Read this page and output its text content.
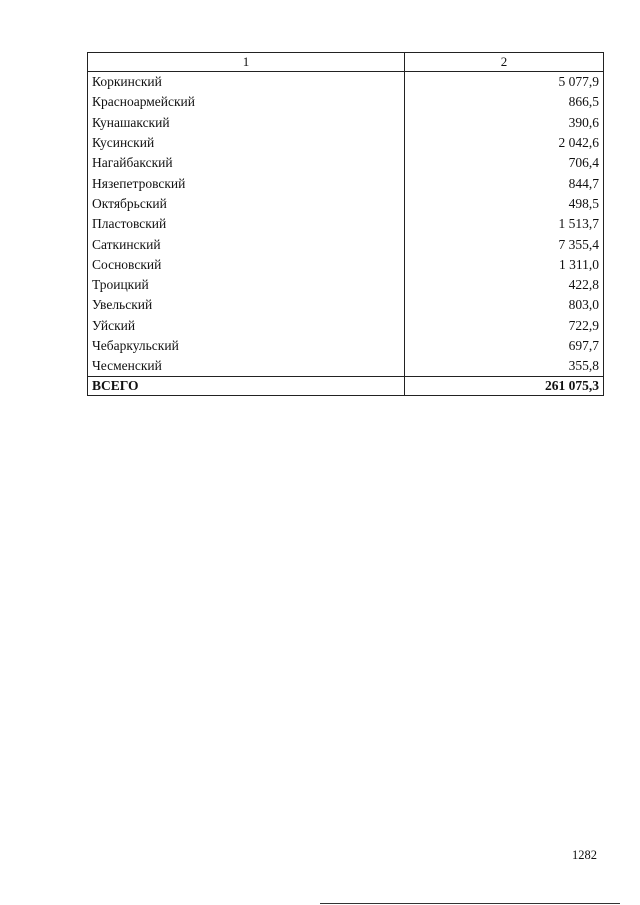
1	2
Коркинский	5 077,9
Красноармейский	866,5
Кунашакский	390,6
Кусинский	2 042,6
Нагайбакский	706,4
Нязепетровский	844,7
Октябрьский	498,5
Пластовский	1 513,7
Саткинский	7 355,4
Сосновский	1 311,0
Троицкий	422,8
Увельский	803,0
Уйский	722,9
Чебаркульский	697,7
Чесменский	355,8
ВСЕГО	261 075,3
1282
